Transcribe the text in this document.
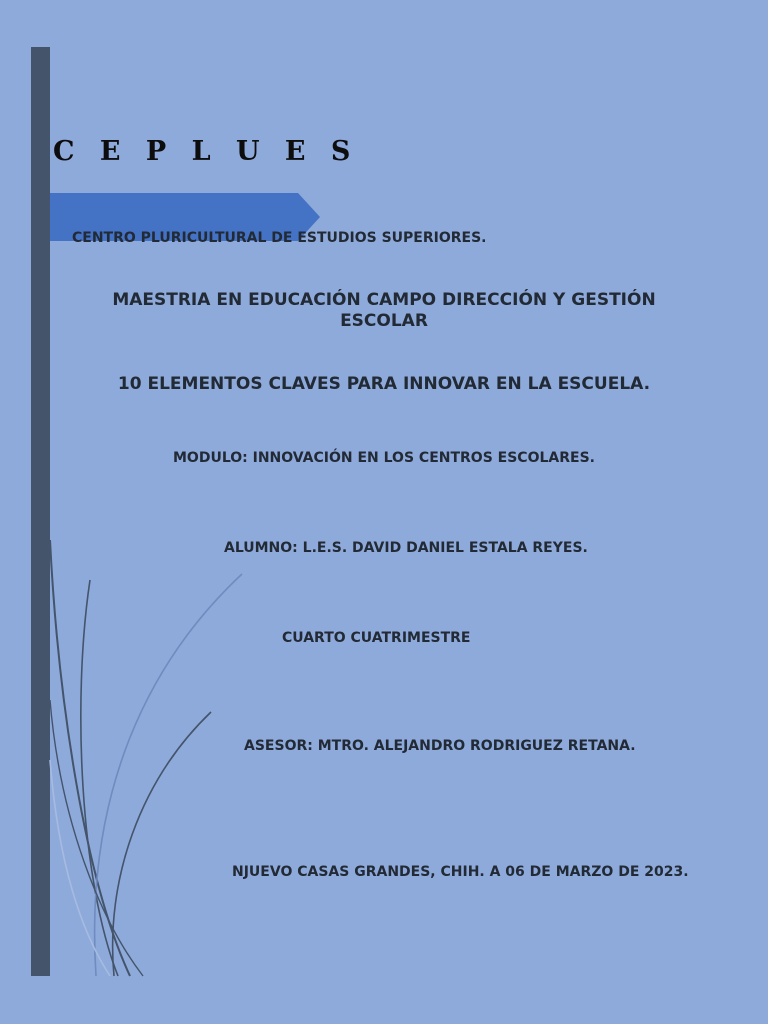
C E P L U E S
CENTRO PLURICULTURAL DE ESTUDIOS SUPERIORES.
MAESTRIA EN EDUCACIÓN CAMPO DIRECCIÓN Y GESTIÓN ESCOLAR
10 ELEMENTOS CLAVES PARA INNOVAR EN LA ESCUELA.
MODULO: INNOVACIÓN EN LOS CENTROS ESCOLARES.
ALUMNO: L.E.S. DAVID DANIEL ESTALA REYES.
CUARTO CUATRIMESTRE
ASESOR: MTRO. ALEJANDRO RODRIGUEZ RETANA.
NJUEVO CASAS GRANDES, CHIH. A 06 DE MARZO DE 2023.
